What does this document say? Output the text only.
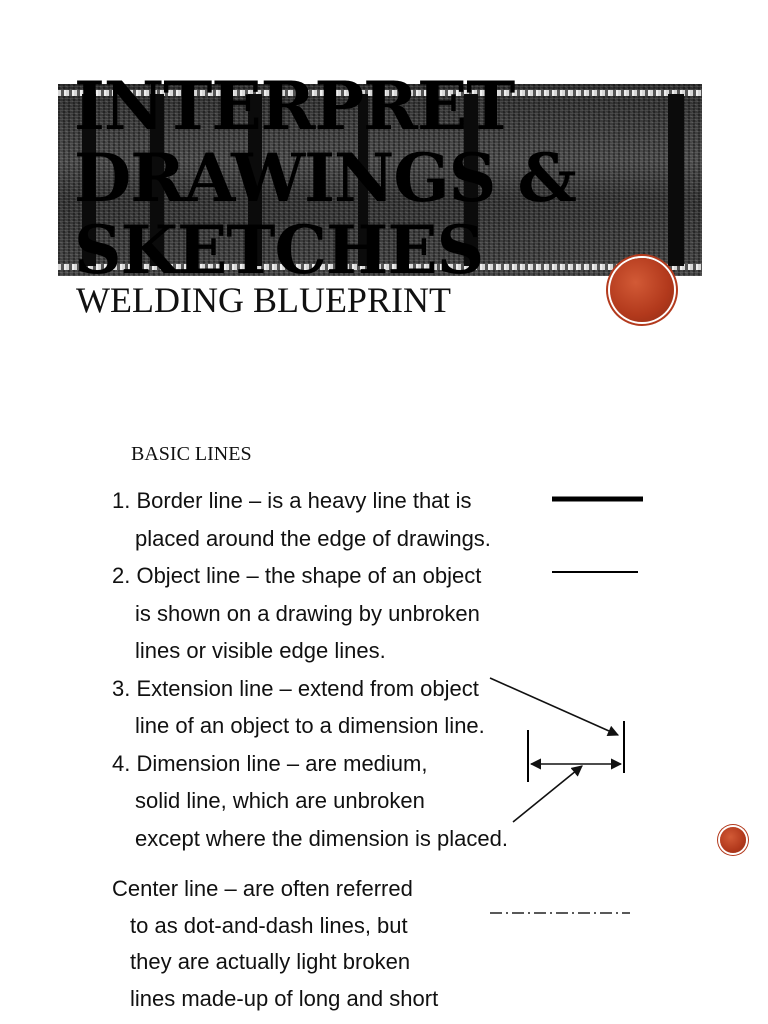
INTERPRET
DRAWINGS &
SKETCHES

WELDING BLUEPRINT

BASIC LINES

1. Border line – is a heavy line that is
placed around the edge of drawings.
2. Object line – the shape of an object
is shown on a drawing by unbroken
lines or visible edge lines.
3. Extension line – extend from object
line of an object to a dimension line.
4. Dimension line – are medium,
solid line, which are unbroken
except where the dimension is placed.
Center line – are often referred
to as dot-and-dash lines, but
they are actually light broken
lines made-up of long and short
